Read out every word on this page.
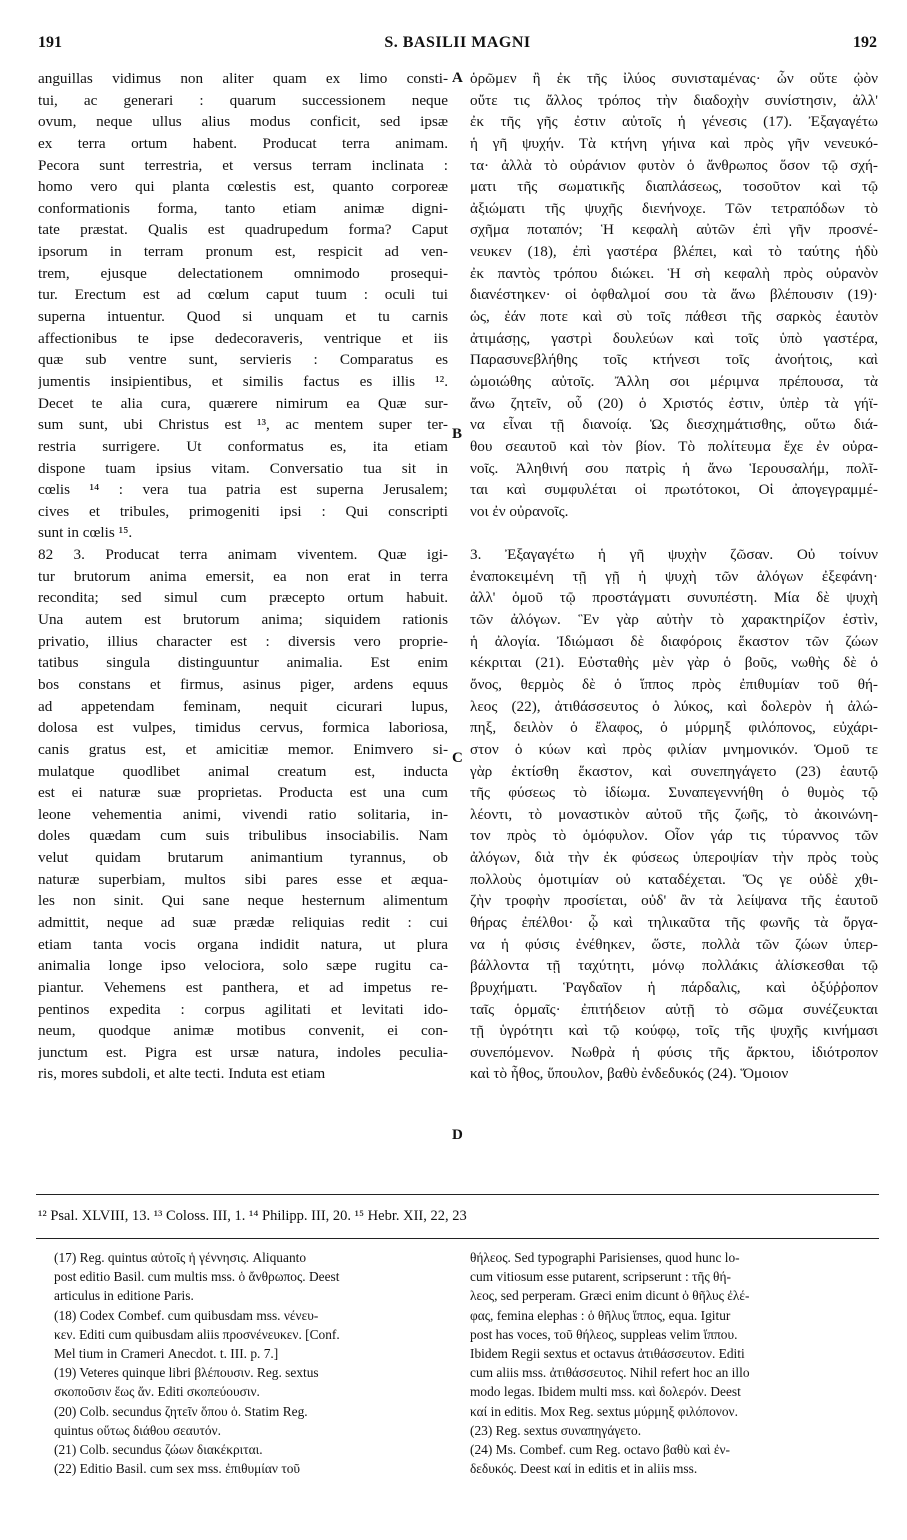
191	S. BASILII MAGNI	192
anguillas vidimus non aliter quam ex limo consti-
tui, ac generari : quarum successionem neque
ovum, neque ullus alius modus conficit, sed ipsæ
ex terra ortum habent. Producat terra animam.
Pecora sunt terrestria, et versus terram inclinata :
homo vero qui planta cœlestis est, quanto corporeæ
conformationis forma, tanto etiam animæ digni-
tate præstat. Qualis est quadrupedum forma? Caput
ipsorum in terram pronum est, respicit ad ven-
trem, ejusque delectationem omnimodo prosequi-
tur. Erectum est ad cœlum caput tuum : oculi tui
superna intuentur. Quod si unquam et tu carnis
affectionibus te ipse dedecoraveris, ventrique et iis
quæ sub ventre sunt, servieris : Comparatus es
jumentis insipientibus, et similis factus es illis ¹².
Decet te alia cura, quærere nimirum ea Quæ sur-
sum sunt, ubi Christus est ¹³, ac mentem super ter-
restria surrigere. Ut conformatus es, ita etiam
dispone tuam ipsius vitam. Conversatio tua sit in
cœlis ¹⁴ : vera tua patria est superna Jerusalem;
cives et tribules, primogeniti ipsi : Qui conscripti
sunt in cœlis ¹⁵.
82 3. Producat terra animam viventem. Quæ igi-
tur brutorum anima emersit, ea non erat in terra
recondita; sed simul cum præcepto ortum habuit.
Una autem est brutorum anima; siquidem rationis
privatio, illius character est : diversis vero proprie-
tatibus singula distinguuntur animalia. Est enim
bos constans et firmus, asinus piger, ardens equus
ad appetendam feminam, nequit cicurari lupus,
dolosa est vulpes, timidus cervus, formica laboriosa,
canis gratus est, et amicitiæ memor. Enimvero si-
mulatque quodlibet animal creatum est, inducta
est ei naturæ suæ proprietas. Producta est una cum
leone vehementia animi, vivendi ratio solitaria, in-
doles quædam cum suis tribulibus insociabilis. Nam
velut quidam brutarum animantium tyrannus, ob
naturæ superbiam, multos sibi pares esse et æqua-
les non sinit. Qui sane neque hesternum alimentum
admittit, neque ad suæ prædæ reliquias redit : cui
etiam tanta vocis organa indidit natura, ut plura
animalia longe ipso velociora, solo sæpe rugitu ca-
piantur. Vehemens est panthera, et ad impetus re-
pentinos expedita : corpus agilitati et levitati ido-
neum, quodque animæ motibus convenit, ei con-
junctum est. Pigra est ursæ natura, indoles peculia-
ris, mores subdoli, et alte tecti. Induta est etiam
ὁρῶμεν ἢ ἐκ τῆς ἰλύος συνισταμένας· ὧν οὔτε ᾠὸν
οὔτε τις ἄλλος τρόπος τὴν διαδοχὴν συνίστησιν, ἀλλ'
ἐκ τῆς γῆς ἐστιν αὐτοῖς ἡ γένεσις (17). Ἐξαγαγέτω
ἡ γῆ ψυχήν. Τὰ κτήνη γήινα καὶ πρὸς γῆν νενευκό-
τα· ἀλλὰ τὸ οὐράνιον φυτὸν ὁ ἄνθρωπος ὅσον τῷ σχή-
ματι τῆς σωματικῆς διαπλάσεως, τοσοῦτον καὶ τῷ
ἀξιώματι τῆς ψυχῆς διενήνοχε. Τῶν τετραπόδων τὸ
σχῆμα ποταπόν; Ἡ κεφαλὴ αὐτῶν ἐπὶ γῆν προσνέ-
νευκεν (18), ἐπὶ γαστέρα βλέπει, καὶ τὸ ταύτης ἡδὺ
ἐκ παντὸς τρόπου διώκει. Ἡ σὴ κεφαλὴ πρὸς οὐρανὸν
διανέστηκεν· οἱ ὀφθαλμοί σου τὰ ἄνω βλέπουσιν (19)·
ὡς, ἐάν ποτε καὶ σὺ τοῖς πάθεσι τῆς σαρκὸς ἑαυτὸν
ἀτιμάσῃς, γαστρὶ δουλεύων καὶ τοῖς ὑπὸ γαστέρα,
Παρασυνεβλήθης τοῖς κτήνεσι τοῖς ἀνοήτοις, καὶ
ὡμοιώθης αὐτοῖς. Ἄλλη σοι μέριμνα πρέπουσα, τὰ
ἄνω ζητεῖν, οὗ (20) ὁ Χριστός ἐστιν, ὑπὲρ τὰ γήϊ-
να εἶναι τῇ διανοίᾳ. Ὡς διεσχημάτισθης, οὕτω διά-
θου σεαυτοῦ καὶ τὸν βίον. Τὸ πολίτευμα ἔχε ἐν οὐρα-
νοῖς. Ἀληθινή σου πατρὶς ἡ ἄνω Ἱερουσαλήμ, πολῖ-
ται καὶ συμφυλέται οἱ πρωτότοκοι, Οἱ ἀπογεγραμμέ-
νοι ἐν οὐρανοῖς.
3. Ἐξαγαγέτω ἡ γῆ ψυχὴν ζῶσαν. Οὐ τοίνυν
ἐναποκειμένη τῇ γῇ ἡ ψυχὴ τῶν ἀλόγων ἐξεφάνη·
ἀλλ' ὁμοῦ τῷ προστάγματι συνυπέστη. Μία δὲ ψυχὴ
τῶν ἀλόγων. Ἓν γὰρ αὐτὴν τὸ χαρακτηρίζον ἐστὶν,
ἡ ἀλογία. Ἰδιώμασι δὲ διαφόροις ἕκαστον τῶν ζώων
κέκριται (21). Εὐσταθὴς μὲν γὰρ ὁ βοῦς, νωθὴς δὲ ὁ
ὄνος, θερμὸς δὲ ὁ ἵππος πρὸς ἐπιθυμίαν τοῦ θή-
λεος (22), ἀτιθάσσευτος ὁ λύκος, καὶ δολερὸν ἡ ἀλώ-
πηξ, δειλὸν ὁ ἔλαφος, ὁ μύρμηξ φιλόπονος, εὐχάρι-
στον ὁ κύων καὶ πρὸς φιλίαν μνημονικόν. Ὁμοῦ τε
γὰρ ἐκτίσθη ἕκαστον, καὶ συνεπηγάγετο (23) ἑαυτῷ
τῆς φύσεως τὸ ἰδίωμα. Συναπεγεννήθη ὁ θυμὸς τῷ
λέοντι, τὸ μοναστικὸν αὐτοῦ τῆς ζωῆς, τὸ ἀκοινώνη-
τον πρὸς τὸ ὁμόφυλον. Οἷον γάρ τις τύραννος τῶν
ἀλόγων, διὰ τὴν ἐκ φύσεως ὑπεροψίαν τὴν πρὸς τοὺς
πολλοὺς ὁμοτιμίαν οὐ καταδέχεται. Ὅς γε οὐδὲ χθι-
ζὴν τροφὴν προσίεται, οὐδ' ἂν τὰ λείψανα τῆς ἑαυτοῦ
θήρας ἐπέλθοι· ᾧ καὶ τηλικαῦτα τῆς φωνῆς τὰ ὄργα-
να ἡ φύσις ἐνέθηκεν, ὥστε, πολλὰ τῶν ζώων ὑπερ-
βάλλοντα τῇ ταχύτητι, μόνῳ πολλάκις ἁλίσκεσθαι τῷ
βρυχήματι. Ῥαγδαῖον ἡ πάρδαλις, καὶ ὀξύῤῥοπον
ταῖς ὁρμαῖς· ἐπιτήδειον αὐτῇ τὸ σῶμα συνέζευκται
τῇ ὑγρότητι καὶ τῷ κούφῳ, τοῖς τῆς ψυχῆς κινήμασι
συνεπόμενον. Νωθρὰ ἡ φύσις τῆς ἄρκτου, ἰδιότροπον
καὶ τὸ ἦθος, ὕπουλον, βαθὺ ἐνδεδυκός (24). Ὅμοιον
A
B
C
D
¹² Psal. XLVIII, 13. ¹³ Coloss. III, 1. ¹⁴ Philipp. III, 20. ¹⁵ Hebr. XII, 22, 23
(17) Reg. quintus αὐτοῖς ἡ γέννησις. Aliquanto
post editio Basil. cum multis mss. ὁ ἄνθρωπος. Deest
articulus in editione Paris.
(18) Codex Combef. cum quibusdam mss. νένευ-
κεν. Editi cum quibusdam aliis προσνένευκεν. [Conf.
Mel tium in Cramerі Anecdot. t. III. p. 7.]
(19) Veteres quinque libri βλέπουσιν. Reg. sextus
σκοποῦσιν ἕως ἄν. Editi σκοπεύουσιν.
(20) Colb. secundus ζητεῖν ὅπου ὁ. Statim Reg.
quintus οὕτως διάθου σεαυτόν.
(21) Colb. secundus ζώων διακέκριται.
(22) Editio Basil. cum sex mss. ἐπιθυμίαν τοῦ
θήλεος. Sed typographi Parisienses, quod hunc lo-
cum vitiosum esse putarent, scripserunt : τῆς θή-
λεος, sed perperam. Græci enim dicunt ὁ θῆλυς ἐλέ-
φας, femina elephas : ὁ θῆλυς ἵππος, equa. Igitur
post has voces, τοῦ θήλεος, suppleas velim ἵππου.
Ibidem Regii sextus et octavus ἀτιθάσσευτον. Editi
cum aliis mss. ἀτιθάσσευτος. Nihil refert hoc an illo
modo legas. Ibidem multi mss. καὶ δολερόν. Deest
καί in editis. Mox Reg. sextus μύρμηξ φιλόπονον.
(23) Reg. sextus συναπηγάγετο.
(24) Ms. Combef. cum Reg. octavo βαθὺ καὶ ἐν-
δεδυκός. Deest καί in editis et in aliis mss.
